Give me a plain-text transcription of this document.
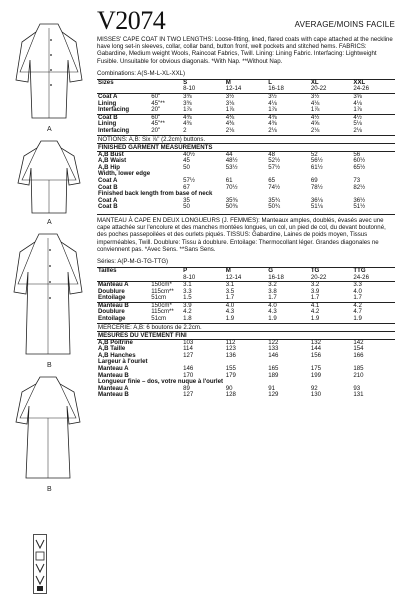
A
A
B
B
V2074	AVERAGE/MOINS FACILE
MISSES' CAPE COAT IN TWO LENGTHS: Loose-fitting, lined, flared coats with cape attached at the neckline have long set-in sleeves, collar, collar band, button front, welt pockets and stitched hems. FABRICS: Gabardine, Medium weight Wools, Raincoat Fabrics, Twill. Lining: Lining Fabric. Interfacing: Lightweight Fusible. Unsuitable for obvious diagonals. *With Nap. **Without Nap.
Combinations: A(S-M-L-XL-XXL)
Sizes		S	M	L	XL	XXL
		8-10	12-14	16-18	20-22	24-26
Coat A	60"	3⅜	3½	3½	3½	3⅝
Lining	45"**	3⅜	3⅛	4⅛	4⅛	4⅛
Interfacing	20"	1⅞	1⅞	1⅞	1⅞	1⅞
Coat B	60"	4⅜	4⅜	4⅜	4½	4½
Lining	45"**	4⅜	4⅜	4⅜	4⅝	5⅛
Interfacing	20"	2	2⅛	2⅛	2⅛	2⅛
NOTIONS: A,B: Six ⅞" (2.2cm) buttons.
FINISHED GARMENT MEASUREMENTS
A,B Bust		40½	44	48	52	56
A,B Waist		45	48½	52½	56½	60½
A,B Hip		50	53½	57½	61½	65½
Width, lower edge						
Coat A		57½	61	65	69	73
Coat B		67	70½	74½	78½	82½
Finished back length from base of neck						
Coat A		35	35⅜	35¾	36⅛	36½
Coat B		50	50⅜	50¾	51⅛	51½
MANTEAU À CAPE EN DEUX LONGUEURS (J. FEMMES): Manteaux amples, doublés, évasés avec une cape attachée sur l'encolure et des manches montées longues, un col, un pied de col, du devant boutonné, des poches passepoilées et des ourlets piqués. TISSUS: Gabardine, Laines de poids moyen, Tissus imperméables, Twill. Doublure: Tissu à doublure. Entoilage: Thermocollant léger. Grandes diagonales ne conviennent pas. *Avec Sens. **Sans Sens.
Séries: A(P-M-G-TG-TTG)
Tailles		P	M	G	TG	TTG
		8-10	12-14	16-18	20-22	24-26
Manteau A	150cm*	3.1	3.1	3.2	3.2	3.3
Doublure	115cm**	3.3	3.5	3.8	3.9	4.0
Entoilage	51cm	1.5	1.7	1.7	1.7	1.7
Manteau B	150cm*	3.9	4.0	4.0	4.1	4.2
Doublure	115cm**	4.2	4.3	4.3	4.2	4.7
Entoilage	51cm	1.8	1.9	1.9	1.9	1.9
MERCERIE: A,B: 6 boutons de 2.2cm.
MESURES DU VÊTEMENT FINI
A,B Poitrine		103	112	122	132	142
A,B Taille		114	123	133	144	154
A,B Hanches		127	136	146	156	166
Largeur à l'ourlet						
Manteau A		146	155	165	175	185
Manteau B		170	179	189	199	210
Longueur finie – dos, votre nuque à l'ourlet						
Manteau A		89	90	91	92	93
Manteau B		127	128	129	130	131
